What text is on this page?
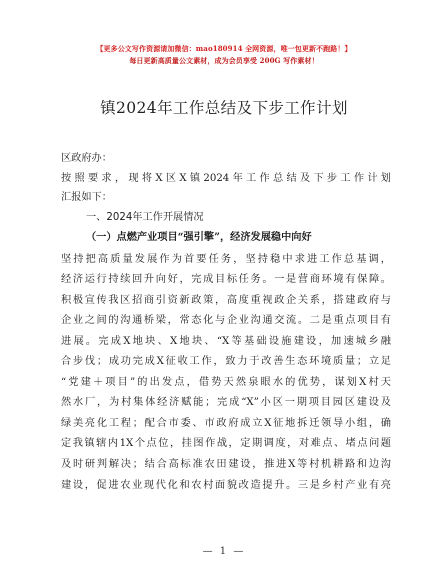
【更多公文写作资源请加微信：mao180914 全网资源，唯一包更新不跑路！】
每日更新高质量公文素材，成为会员享受 200G 写作素材！
镇2024年工作总结及下步工作计划
区政府办：
按照要求，现将X区X镇2024年工作总结及下步工作计划
汇报如下：
一、2024年工作开展情况
（一）点燃产业项目“强引擎”，经济发展稳中向好
坚持把高质量发展作为首要任务，坚持稳中求进工作总基调，
经济运行持续回升向好，完成目标任务。一是营商环境有保障。
积极宣传我区招商引资新政策，高度重视政企关系，搭建政府与
企业之间的沟通桥梁，常态化与企业沟通交流。二是重点项目有
进展。完成X地块、X地块、“X等基础设施建设，加速城乡融
合步伐；成功完成X征收工作，致力于改善生态环境质量；立足
“党建＋项目”的出发点，借势天然泉眼水的优势，谋划X村天
然水厂，为村集体经济赋能；完成“X”小区一期项目园区建设及
绿美亮化工程；配合市委、市政府成立X征地拆迁领导小组，确
定我镇辖内1X个点位，挂图作战，定期调度，对难点、堵点问题
及时研判解决；结合高标准农田建设，推进X等村机耕路和边沟
建设，促进农业现代化和农村面貌改造提升。三是乡村产业有亮
— 1 —
